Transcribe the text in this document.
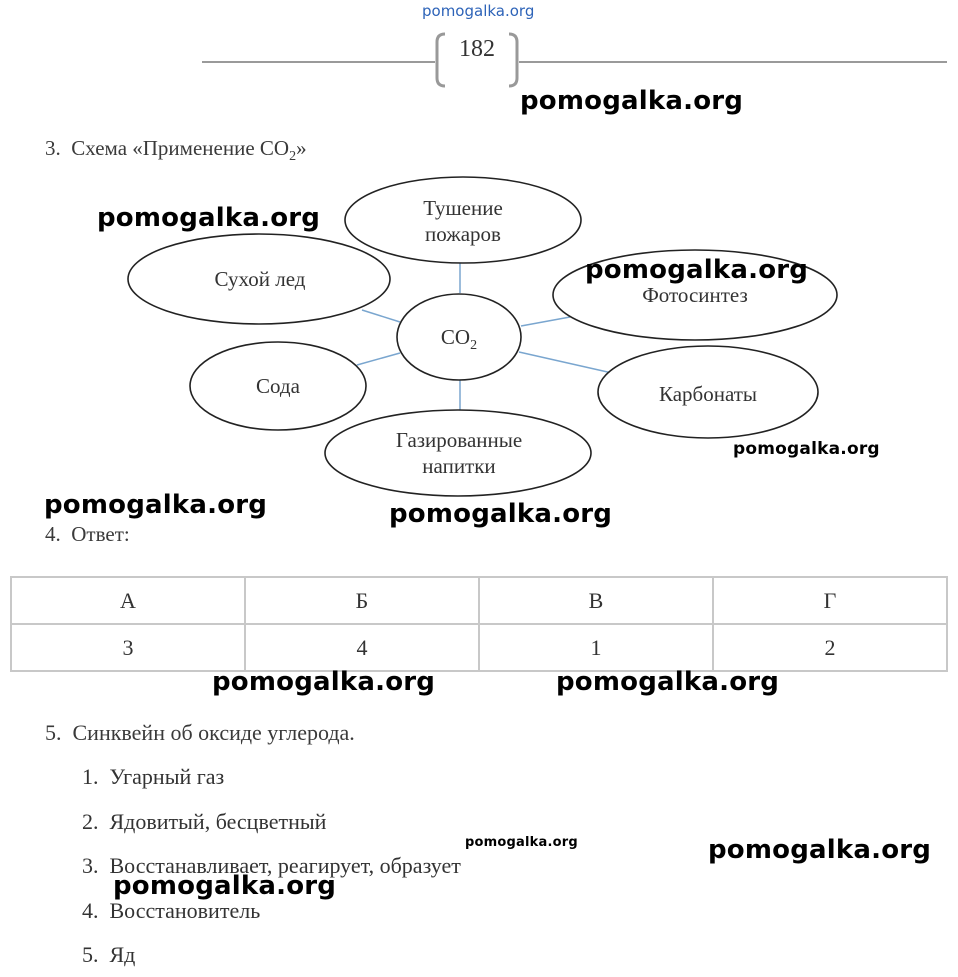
pomogalka.org
182
3. Схема «Применение $СО_2$»
Тушение
пожаров
Сухой лед
Фотосинтез
$CO_2$
Сода	Карбонаты
Газированные
напитки
4. Ответ:
А	Б	В	Г
3	4	1	2
5. Синквейн об оксиде углерода.
1. Угарный газ
2. Ядовитый, бесцветный
3. Восстанавливает, реагирует, образует
4. Восстановитель
5. Яд
pomogalka.org
pomogalka.org
pomogalka.org
pomogalka.org
pomogalka.org	pomogalka.org
pomogalka.org	pomogalka.org
pomogalka.org	pomogalka.org
pomogalka.org
